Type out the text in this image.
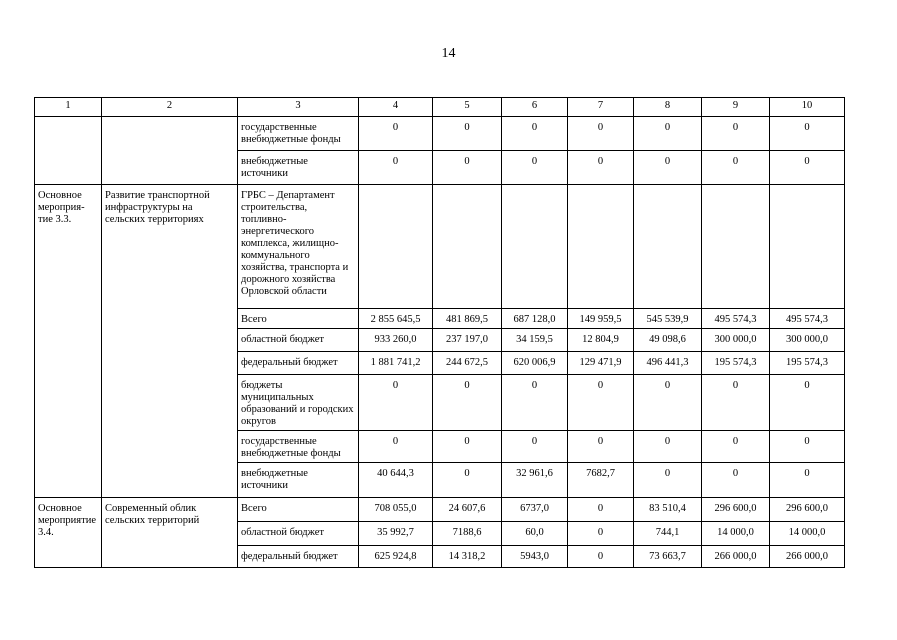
14
1	2	3	4	5	6	7	8	9	10
		государственные внебюджетные фонды	0	0	0	0	0	0	0
		внебюджетные источники	0	0	0	0	0	0	0
Основное мероприя-тие 3.3.	Развитие транспортной инфраструктуры на сельских территориях	ГРБС – Департамент строительства, топливно-энергетического комплекса, жилищно-коммунального хозяйства, транспорта и дорожного хозяйства Орловской области							
		Всего	2 855 645,5	481 869,5	687 128,0	149 959,5	545 539,9	495 574,3	495 574,3
		областной бюджет	933 260,0	237 197,0	34 159,5	12 804,9	49 098,6	300 000,0	300 000,0
		федеральный бюджет	1 881 741,2	244 672,5	620 006,9	129 471,9	496 441,3	195 574,3	195 574,3
		бюджеты муниципальных образований и городских округов	0	0	0	0	0	0	0
		государственные внебюджетные фонды	0	0	0	0	0	0	0
		внебюджетные источники	40 644,3	0	32 961,6	7682,7	0	0	0
Основное мероприятие 3.4.	Современный облик сельских территорий	Всего	708 055,0	24 607,6	6737,0	0	83 510,4	296 600,0	296 600,0
		областной бюджет	35 992,7	7188,6	60,0	0	744,1	14 000,0	14 000,0
		федеральный бюджет	625 924,8	14 318,2	5943,0	0	73 663,7	266 000,0	266 000,0
